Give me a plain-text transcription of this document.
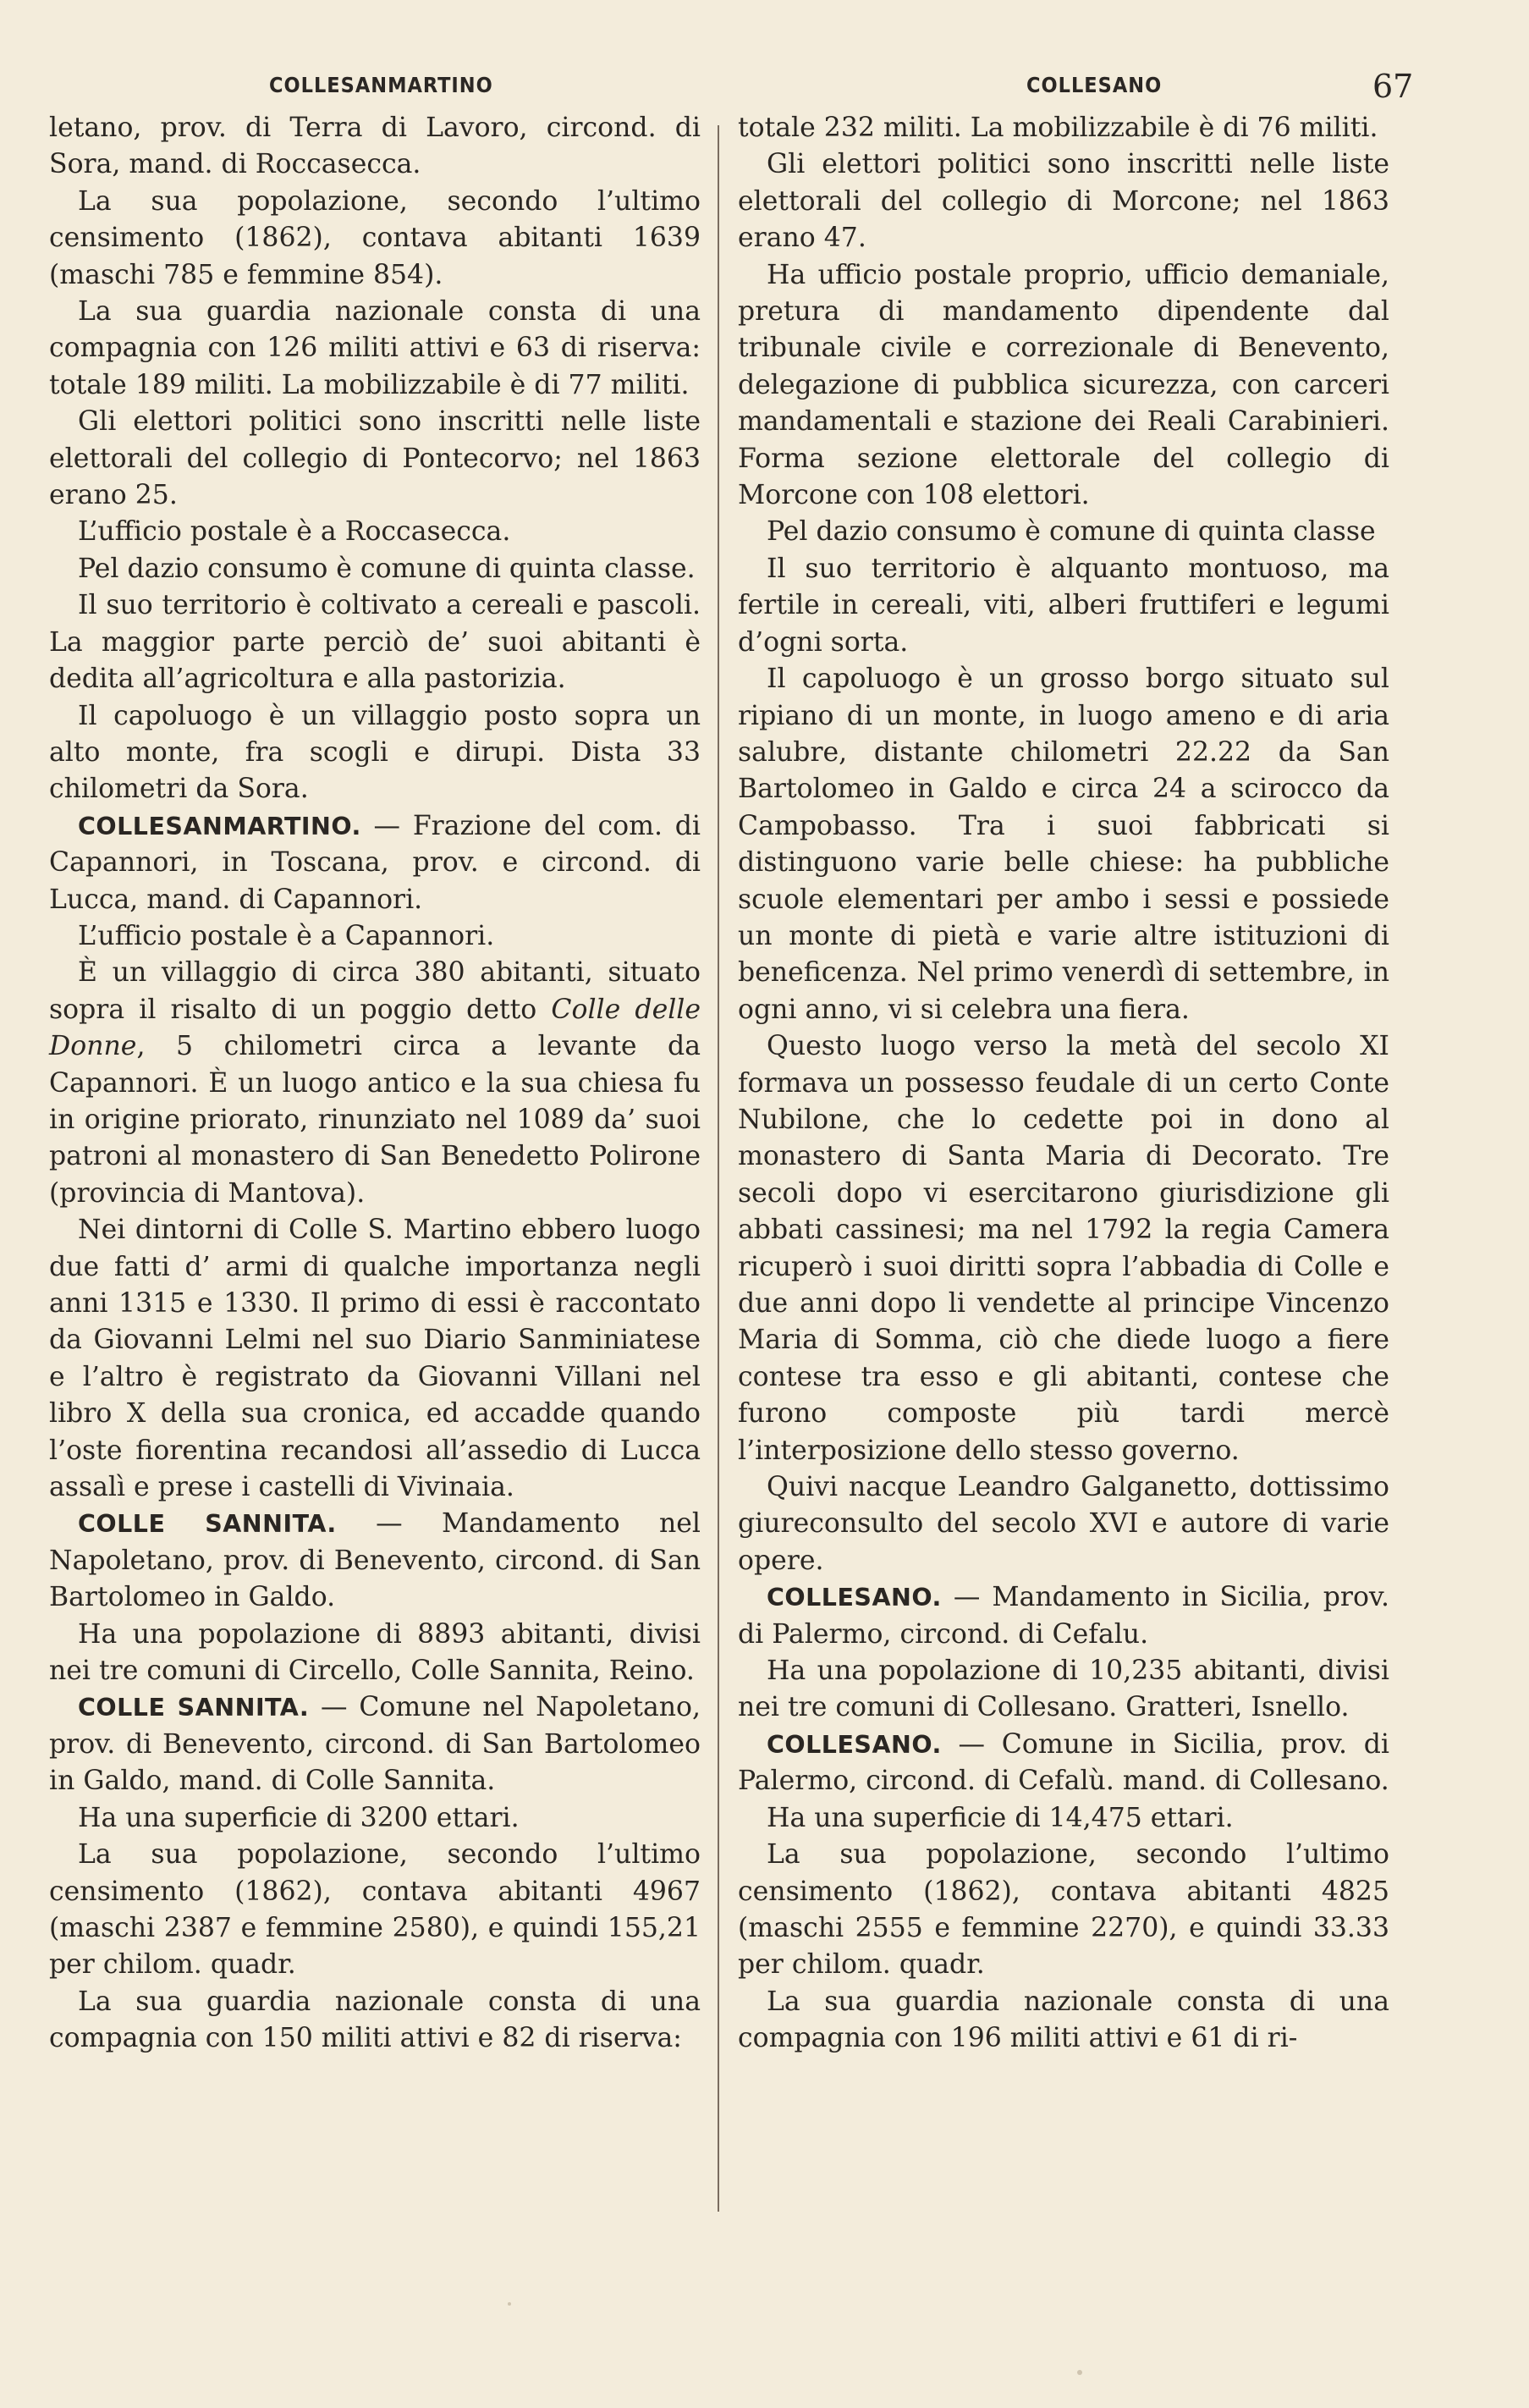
COLLESANMARTINO	COLLESANO	67

letano, prov. di Terra di Lavoro, circond. di Sora, mand. di Roccasecca.

La sua popolazione, secondo l’ultimo censimento (1862), contava abitanti 1639 (maschi 785 e femmine 854).

La sua guardia nazionale consta di una compagnia con 126 militi attivi e 63 di riserva: totale 189 militi. La mobilizzabile è di 77 militi.

Gli elettori politici sono inscritti nelle liste elettorali del collegio di Pontecorvo; nel 1863 erano 25.

L’ufficio postale è a Roccasecca.

Pel dazio consumo è comune di quinta classe.

Il suo territorio è coltivato a cereali e pascoli. La maggior parte perciò de’ suoi abitanti è dedita all’agricoltura e alla pastorizia.

Il capoluogo è un villaggio posto sopra un alto monte, fra scogli e dirupi. Dista 33 chilometri da Sora.

COLLESANMARTINO. — Frazione del com. di Capannori, in Toscana, prov. e circond. di Lucca, mand. di Capannori.

L’ufficio postale è a Capannori.

È un villaggio di circa 380 abitanti, situato sopra il risalto di un poggio detto Colle delle Donne, 5 chilometri circa a levante da Capannori. È un luogo antico e la sua chiesa fu in origine priorato, rinunziato nel 1089 da’ suoi patroni al monastero di San Benedetto Polirone (provincia di Mantova).

Nei dintorni di Colle S. Martino ebbero luogo due fatti d’ armi di qualche importanza negli anni 1315 e 1330. Il primo di essi è raccontato da Giovanni Lelmi nel suo Diario Sanminiatese e l’altro è registrato da Giovanni Villani nel libro X della sua cronica, ed accadde quando l’oste fiorentina recandosi all’assedio di Lucca assalì e prese i castelli di Vivinaia.

COLLE SANNITA. — Mandamento nel Napoletano, prov. di Benevento, circond. di San Bartolomeo in Galdo.

Ha una popolazione di 8893 abitanti, divisi nei tre comuni di Circello, Colle Sannita, Reino.

COLLE SANNITA. — Comune nel Napoletano, prov. di Benevento, circond. di San Bartolomeo in Galdo, mand. di Colle Sannita.

Ha una superficie di 3200 ettari.

La sua popolazione, secondo l’ultimo censimento (1862), contava abitanti 4967 (maschi 2387 e femmine 2580), e quindi 155,21 per chilom. quadr.

La sua guardia nazionale consta di una compagnia con 150 militi attivi e 82 di riserva:

totale 232 militi. La mobilizzabile è di 76 militi.

Gli elettori politici sono inscritti nelle liste elettorali del collegio di Morcone; nel 1863 erano 47.

Ha ufficio postale proprio, ufficio demaniale, pretura di mandamento dipendente dal tribunale civile e correzionale di Benevento, delegazione di pubblica sicurezza, con carceri mandamentali e stazione dei Reali Carabinieri. Forma sezione elettorale del collegio di Morcone con 108 elettori.

Pel dazio consumo è comune di quinta classe

Il suo territorio è alquanto montuoso, ma fertile in cereali, viti, alberi fruttiferi e legumi d’ogni sorta.

Il capoluogo è un grosso borgo situato sul ripiano di un monte, in luogo ameno e di aria salubre, distante chilometri 22.22 da San Bartolomeo in Galdo e circa 24 a scirocco da Campobasso. Tra i suoi fabbricati si distinguono varie belle chiese: ha pubbliche scuole elementari per ambo i sessi e possiede un monte di pietà e varie altre istituzioni di beneficenza. Nel primo venerdì di settembre, in ogni anno, vi si celebra una fiera.

Questo luogo verso la metà del secolo XI formava un possesso feudale di un certo Conte Nubilone, che lo cedette poi in dono al monastero di Santa Maria di Decorato. Tre secoli dopo vi esercitarono giurisdizione gli abbati cassinesi; ma nel 1792 la regia Camera ricuperò i suoi diritti sopra l’abbadia di Colle e due anni dopo li vendette al principe Vincenzo Maria di Somma, ciò che diede luogo a fiere contese tra esso e gli abitanti, contese che furono composte più tardi mercè l’interposizione dello stesso governo.

Quivi nacque Leandro Galganetto, dottissimo giureconsulto del secolo XVI e autore di varie opere.

COLLESANO. — Mandamento in Sicilia, prov. di Palermo, circond. di Cefalu.

Ha una popolazione di 10,235 abitanti, divisi nei tre comuni di Collesano. Gratteri, Isnello.

COLLESANO. — Comune in Sicilia, prov. di Palermo, circond. di Cefalù. mand. di Collesano.

Ha una superficie di 14,475 ettari.

La sua popolazione, secondo l’ultimo censimento (1862), contava abitanti 4825 (maschi 2555 e femmine 2270), e quindi 33.33 per chilom. quadr.

La sua guardia nazionale consta di una compagnia con 196 militi attivi e 61 di ri-
